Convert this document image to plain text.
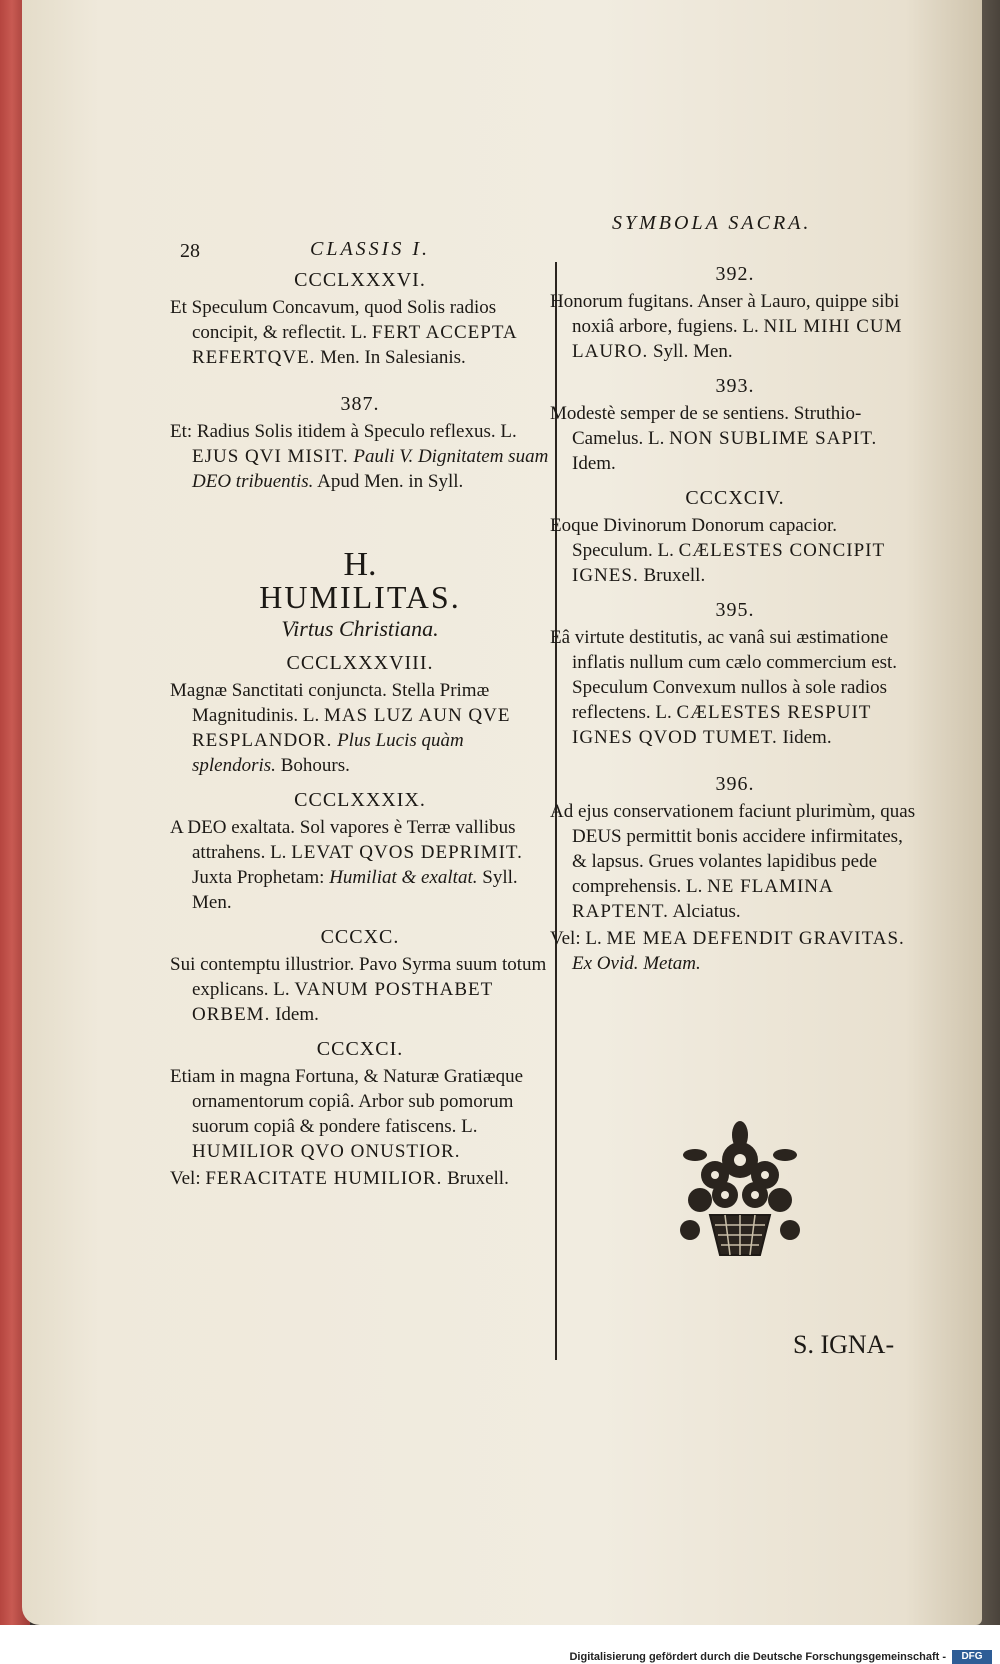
28	CLASSIS I.
SYMBOLA SACRA.
CCCLXXXVI.
Et Speculum Concavum, quod Solis radios concipit, & reflectit. L. FERT ACCEPTA REFERTQVE. Men. In Salesianis.
387.
Et: Radius Solis itidem à Speculo reflexus. L. EJUS QVI MISIT. Pauli V. Dignitatem suam DEO tribuentis. Apud Men. in Syll.
H.
HUMILITAS.
Virtus Christiana.
CCCLXXXVIII.
Magnæ Sanctitati conjuncta. Stella Primæ Magnitudinis. L. MAS LUZ AUN QVE RESPLANDOR. Plus Lucis quàm splendoris. Bohours.
CCCLXXXIX.
A DEO exaltata. Sol vapores è Terræ vallibus attrahens. L. LEVAT QVOS DEPRIMIT. Juxta Prophetam: Humiliat & exaltat. Syll. Men.
CCCXC.
Sui contemptu illustrior. Pavo Syrma suum totum explicans. L. VANUM POSTHABET ORBEM. Idem.
CCCXCI.
Etiam in magna Fortuna, & Naturæ Gratiæque ornamentorum copiâ. Arbor sub pomorum suorum copiâ & pondere fatiscens. L. HUMILIOR QVO ONUSTIOR.
Vel: FERACITATE HUMILIOR. Bruxell.
392.
Honorum fugitans. Anser à Lauro, quippe sibi noxiâ arbore, fugiens. L. NIL MIHI CUM LAURO. Syll. Men.
393.
Modestè semper de se sentiens. Struthio-Camelus. L. NON SUBLIME SAPIT. Idem.
CCCXCIV.
Eoque Divinorum Donorum capacior. Speculum. L. CÆLESTES CONCIPIT IGNES. Bruxell.
395.
Eâ virtute destitutis, ac vanâ sui æstimatione inflatis nullum cum cælo commercium est. Speculum Convexum nullos à sole radios reflectens. L. CÆLESTES RESPUIT IGNES QVOD TUMET. Iidem.
396.
Ad ejus conservationem faciunt plurimùm, quas DEUS permittit bonis accidere infirmitates, & lapsus. Grues volantes lapidibus pede comprehensis. L. NE FLAMINA RAPTENT. Alciatus.
Vel: L. ME MEA DEFENDIT GRAVITAS. Ex Ovid. Metam.
S. IGNA-
Digitalisierung gefördert durch die Deutsche Forschungsgemeinschaft -	DFG
